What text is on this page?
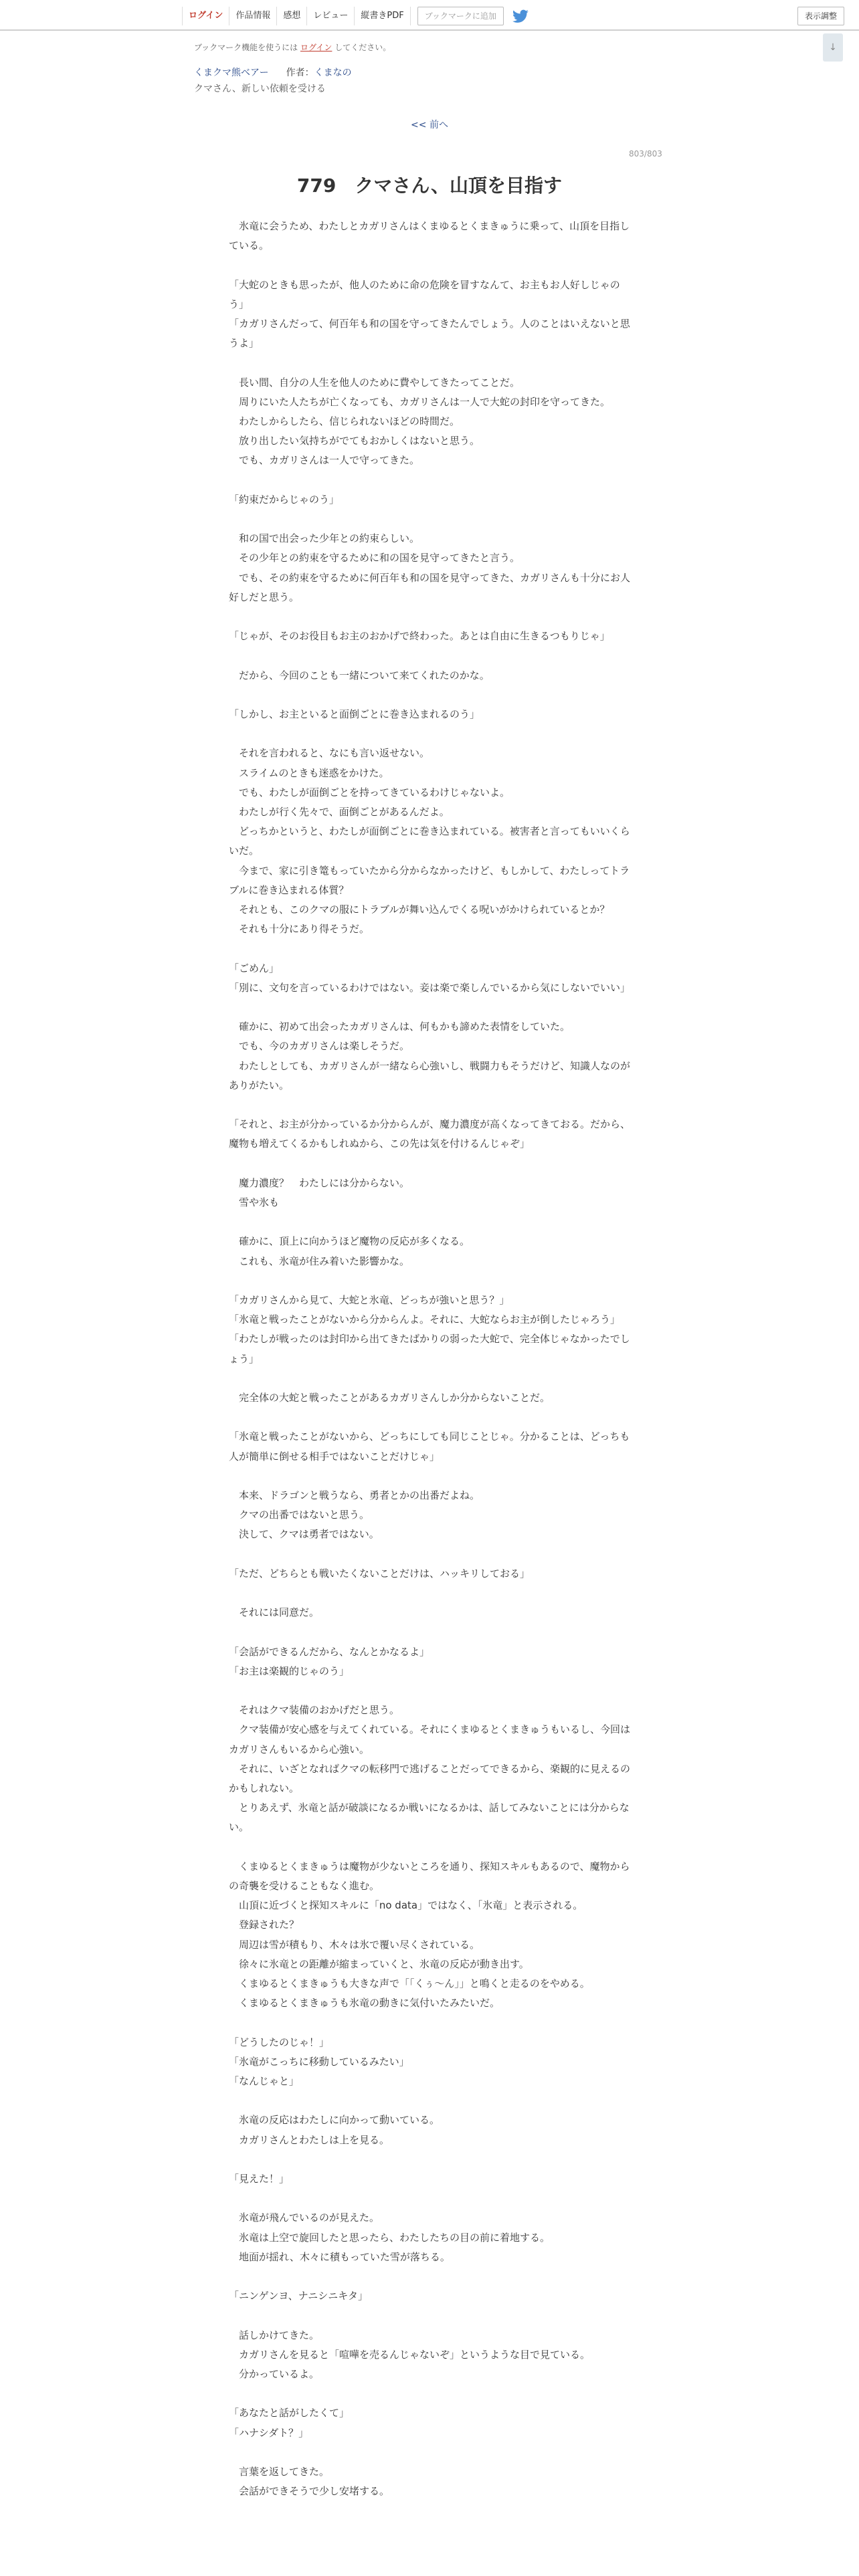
ログイン	作品情報	感想	レビュー	縦書きPDF	ブックマークに追加	表示調整
ブックマーク機能を使うには ログイン してください。	↓
くまクマ熊ベアー 作者：くまなの
クマさん、新しい依頼を受ける
<< 前へ
803/803
779　クマさん、山頂を目指す

　氷竜に会うため、わたしとカガリさんはくまゆるとくまきゅうに乗って、山頂を目指している。

「大蛇のときも思ったが、他人のために命の危険を冒すなんて、お主もお人好しじゃのう」

「カガリさんだって、何百年も和の国を守ってきたんでしょう。人のことはいえないと思うよ」

　長い間、自分の人生を他人のために費やしてきたってことだ。

　周りにいた人たちが亡くなっても、カガリさんは一人で大蛇の封印を守ってきた。

　わたしからしたら、信じられないほどの時間だ。

　放り出したい気持ちがでてもおかしくはないと思う。

　でも、カガリさんは一人で守ってきた。

「約束だからじゃのう」

　和の国で出会った少年との約束らしい。

　その少年との約束を守るために和の国を見守ってきたと言う。

　でも、その約束を守るために何百年も和の国を見守ってきた、カガリさんも十分にお人好しだと思う。

「じゃが、そのお役目もお主のおかげで終わった。あとは自由に生きるつもりじゃ」

　だから、今回のことも一緒について来てくれたのかな。

「しかし、お主といると面倒ごとに巻き込まれるのう」

　それを言われると、なにも言い返せない。

　スライムのときも迷惑をかけた。

　でも、わたしが面倒ごとを持ってきているわけじゃないよ。

　わたしが行く先々で、面倒ごとがあるんだよ。

　どっちかというと、わたしが面倒ごとに巻き込まれている。被害者と言ってもいいくらいだ。

　今まで、家に引き篭もっていたから分からなかったけど、もしかして、わたしってトラブルに巻き込まれる体質？

　それとも、このクマの服にトラブルが舞い込んでくる呪いがかけられているとか？

　それも十分にあり得そうだ。

「ごめん」

「別に、文句を言っているわけではない。妾は楽で楽しんでいるから気にしないでいい」

　確かに、初めて出会ったカガリさんは、何もかも諦めた表情をしていた。

　でも、今のカガリさんは楽しそうだ。

　わたしとしても、カガリさんが一緒なら心強いし、戦闘力もそうだけど、知識人なのがありがたい。

「それと、お主が分かっているか分からんが、魔力濃度が高くなってきておる。だから、魔物も増えてくるかもしれぬから、この先は気を付けるんじゃぞ」

　魔力濃度？　わたしには分からない。

　雪や氷も

　確かに、頂上に向かうほど魔物の反応が多くなる。

　これも、氷竜が住み着いた影響かな。

「カガリさんから見て、大蛇と氷竜、どっちが強いと思う？」

「氷竜と戦ったことがないから分からんよ。それに、大蛇ならお主が倒したじゃろう」

「わたしが戦ったのは封印から出てきたばかりの弱った大蛇で、完全体じゃなかったでしょう」

　完全体の大蛇と戦ったことがあるカガリさんしか分からないことだ。

「氷竜と戦ったことがないから、どっちにしても同じことじゃ。分かることは、どっちも人が簡単に倒せる相手ではないことだけじゃ」

　本来、ドラゴンと戦うなら、勇者とかの出番だよね。

　クマの出番ではないと思う。

　決して、クマは勇者ではない。

「ただ、どちらとも戦いたくないことだけは、ハッキリしておる」

　それには同意だ。

「会話ができるんだから、なんとかなるよ」

「お主は楽観的じゃのう」

　それはクマ装備のおかげだと思う。

　クマ装備が安心感を与えてくれている。それにくまゆるとくまきゅうもいるし、今回はカガリさんもいるから心強い。

　それに、いざとなればクマの転移門で逃げることだってできるから、楽観的に見えるのかもしれない。

　とりあえず、氷竜と話が破談になるか戦いになるかは、話してみないことには分からない。

　くまゆるとくまきゅうは魔物が少ないところを通り、探知スキルもあるので、魔物からの奇襲を受けることもなく進む。

　山頂に近づくと探知スキルに「no data」ではなく、「氷竜」と表示される。

　登録された？

　周辺は雪が積もり、木々は氷で覆い尽くされている。

　徐々に氷竜との距離が縮まっていくと、氷竜の反応が動き出す。

　くまゆるとくまきゅうも大きな声で「「くぅ～ん」」と鳴くと走るのをやめる。

　くまゆるとくまきゅうも氷竜の動きに気付いたみたいだ。

「どうしたのじゃ！」

「氷竜がこっちに移動しているみたい」

「なんじゃと」

　氷竜の反応はわたしに向かって動いている。

　カガリさんとわたしは上を見る。

「見えた！」

　氷竜が飛んでいるのが見えた。

　氷竜は上空で旋回したと思ったら、わたしたちの目の前に着地する。

　地面が揺れ、木々に積もっていた雪が落ちる。

「ニンゲンヨ、ナニシニキタ」

　話しかけてきた。

　カガリさんを見ると「喧嘩を売るんじゃないぞ」というような目で見ている。

　分かっているよ。

「あなたと話がしたくて」

「ハナシダト？」

　言葉を返してきた。

　会話ができそうで少し安堵する。
